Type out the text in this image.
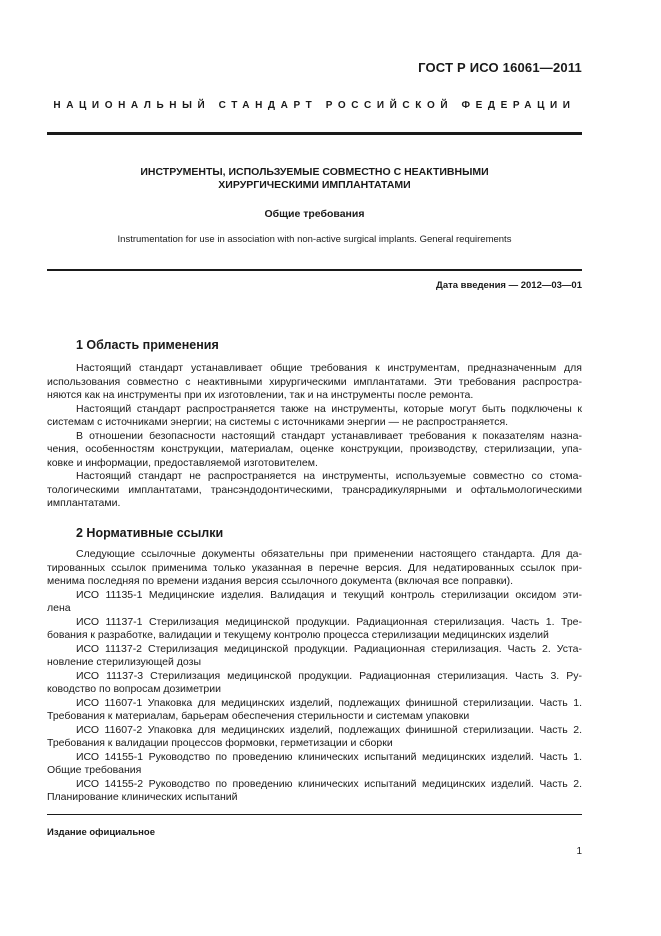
ГОСТ Р ИСО 16061—2011
НАЦИОНАЛЬНЫЙ СТАНДАРТ РОССИЙСКОЙ ФЕДЕРАЦИИ
ИНСТРУМЕНТЫ, ИСПОЛЬЗУЕМЫЕ СОВМЕСТНО С НЕАКТИВНЫМИ
ХИРУРГИЧЕСКИМИ ИМПЛАНТАТАМИ
Общие требования
Instrumentation for use in association with non-active surgical implants. General requirements
Дата введения — 2012—03—01
1 Область применения
Настоящий стандарт устанавливает общие требования к инструментам, предназначенным для
использования совместно с неактивными хирургическими имплантатами. Эти требования распростра-
няются как на инструменты при их изготовлении, так и на инструменты после ремонта.
Настоящий стандарт распространяется также на инструменты, которые могут быть подключены к
системам с источниками энергии; на системы с источниками энергии — не распространяется.
В отношении безопасности настоящий стандарт устанавливает требования к показателям назна-
чения, особенностям конструкции, материалам, оценке конструкции, производству, стерилизации, упа-
ковке и информации, предоставляемой изготовителем.
Настоящий стандарт не распространяется на инструменты, используемые совместно со стома-
тологическими имплантатами, трансэндодонтическими, трансрадикулярными и офтальмологическими
имплантатами.
2 Нормативные ссылки
Следующие ссылочные документы обязательны при применении настоящего стандарта. Для да-
тированных ссылок применима только указанная в перечне версия. Для недатированных ссылок при-
менима последняя по времени издания версия ссылочного документа (включая все поправки).
ИСО 11135-1 Медицинские изделия. Валидация и текущий контроль стерилизации оксидом эти-
лена
ИСО 11137-1 Стерилизация медицинской продукции. Радиационная стерилизация. Часть 1. Тре-
бования к разработке, валидации и текущему контролю процесса стерилизации медицинских изделий
ИСО 11137-2 Стерилизация медицинской продукции. Радиационная стерилизация. Часть 2. Уста-
новление стерилизующей дозы
ИСО 11137-3 Стерилизация медицинской продукции. Радиационная стерилизация. Часть 3. Ру-
ководство по вопросам дозиметрии
ИСО 11607-1 Упаковка для медицинских изделий, подлежащих финишной стерилизации. Часть 1.
Требования к материалам, барьерам обеспечения стерильности и системам упаковки
ИСО 11607-2 Упаковка для медицинских изделий, подлежащих финишной стерилизации. Часть 2.
Требования к валидации процессов формовки, герметизации и сборки
ИСО 14155-1 Руководство по проведению клинических испытаний медицинских изделий. Часть 1.
Общие требования
ИСО 14155-2 Руководство по проведению клинических испытаний медицинских изделий. Часть 2.
Планирование клинических испытаний
Издание официальное
1
